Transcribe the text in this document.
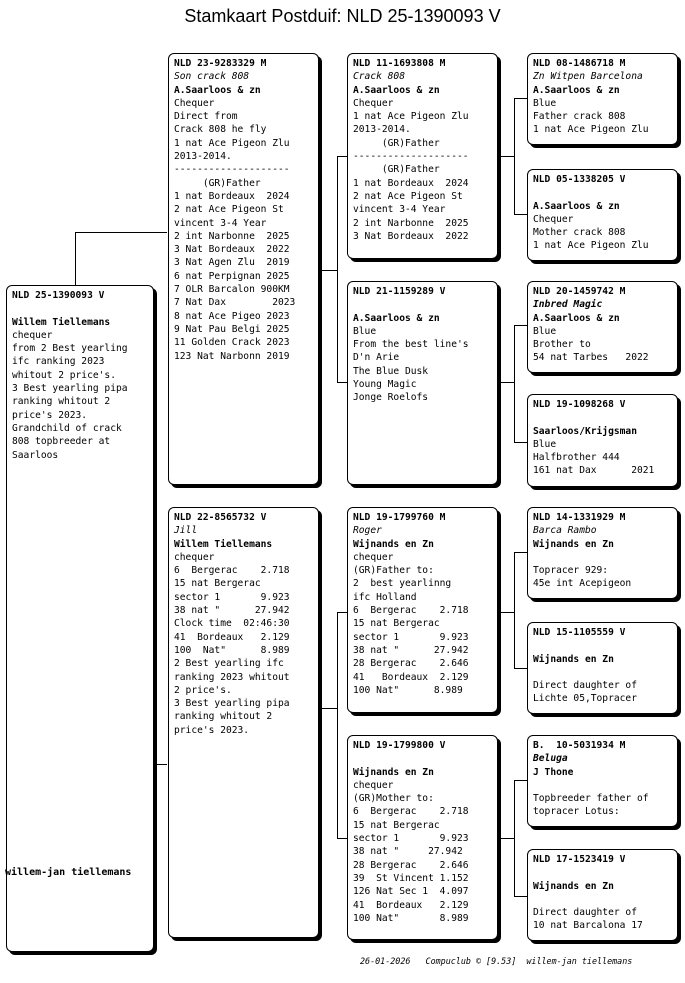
Stamkaart Postduif: NLD 25-1390093 V
NLD 25-1390093 V
Willem Tiellemans
chequer
from 2 Best yearling
ifc ranking 2023
whitout 2 price's.
3 Best yearling pipa
ranking whitout 2
price's 2023.
Grandchild of crack
808 topbreeder at
Saarloos
NLD 23-9283329 M
Son crack 808
A.Saarloos & zn
Chequer
Direct from
Crack 808 he fly
1 nat Ace Pigeon Zlu
2013-2014.
--------------------
(GR)Father
1 nat Bordeaux  2024
2 nat Ace Pigeon St
vincent 3-4 Year
2 int Narbonne  2025
3 Nat Bordeaux  2022
3 Nat Agen Zlu  2019
6 nat Perpignan 2025
7 OLR Barcalon 900KM
7 Nat Dax        2023
8 nat Ace Pigeo 2023
9 Nat Pau Belgi 2025
11 Golden Crack 2023
123 Nat Narbonn 2019
NLD 22-8565732 V
Jill
Willem Tiellemans
chequer
6  Bergerac    2.718
15 nat Bergerac
sector 1       9.923
38 nat "      27.942
Clock time  02:46:30
41  Bordeaux   2.129
100  Nat"      8.989
2 Best yearling ifc
ranking 2023 whitout
2 price's.
3 Best yearling pipa
ranking whitout 2
price's 2023.
NLD 11-1693808 M
Crack 808
A.Saarloos & zn
Chequer
1 nat Ace Pigeon Zlu
2013-2014.
(GR)Father
--------------------
(GR)Father
1 nat Bordeaux  2024
2 nat Ace Pigeon St
vincent 3-4 Year
2 int Narbonne  2025
3 Nat Bordeaux  2022
NLD 21-1159289 V
A.Saarloos & zn
Blue
From the best line's
D'n Arie
The Blue Dusk
Young Magic
Jonge Roelofs
NLD 19-1799760 M
Roger
Wijnands en Zn
chequer
(GR)Father to:
2  best yearlinng
ifc Holland
6  Bergerac    2.718
15 nat Bergerac
sector 1       9.923
38 nat "      27.942
28 Bergerac    2.646
41   Bordeaux  2.129
100 Nat"      8.989
NLD 19-1799800 V
Wijnands en Zn
chequer
(GR)Mother to:
6  Bergerac    2.718
15 nat Bergerac
sector 1       9.923
38 nat "     27.942
28 Bergerac    2.646
39  St Vincent 1.152
126 Nat Sec 1  4.097
41  Bordeaux   2.129
100 Nat"       8.989
NLD 08-1486718 M
Zn Witpen Barcelona
A.Saarloos & zn
Blue
Father crack 808
1 nat Ace Pigeon Zlu
NLD 05-1338205 V
A.Saarloos & zn
Chequer
Mother crack 808
1 nat Ace Pigeon Zlu
NLD 20-1459742 M
Inbred Magic
A.Saarloos & zn
Blue
Brother to
54 nat Tarbes   2022
NLD 19-1098268 V
Saarloos/Krijgsman
Blue
Halfbrother 444
161 nat Dax      2021
NLD 14-1331929 M
Barca Rambo
Wijnands en Zn
Topracer 929:
45e int Acepigeon
NLD 15-1105559 V
Wijnands en Zn
Direct daughter of
Lichte 05,Topracer
B.  10-5031934 M
Beluga
J Thone
Topbreeder father of
topracer Lotus:
NLD 17-1523419 V
Wijnands en Zn
Direct daughter of
10 nat Barcalona 17
willem-jan tiellemans
26-01-2026   Compuclub © [9.53]  willem-jan tiellemans
